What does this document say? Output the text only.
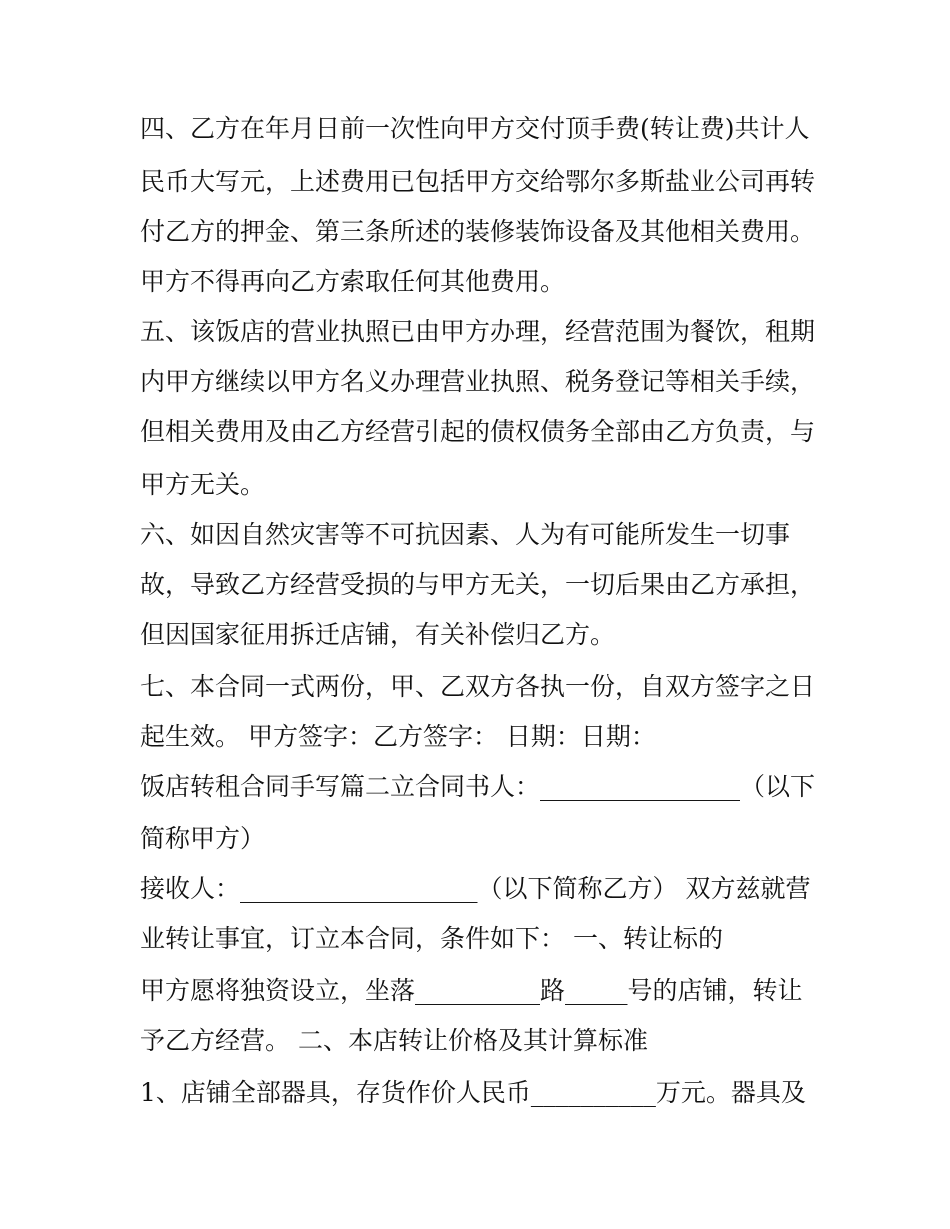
四、乙方在年月日前一次性向甲方交付顶手费(转让费)共计人
民币大写元，上述费用已包括甲方交给鄂尔多斯盐业公司再转
付乙方的押金、第三条所述的装修装饰设备及其他相关费用。
甲方不得再向乙方索取任何其他费用。
五、该饭店的营业执照已由甲方办理，经营范围为餐饮，租期
内甲方继续以甲方名义办理营业执照、税务登记等相关手续，
但相关费用及由乙方经营引起的债权债务全部由乙方负责，与
甲方无关。
六、如因自然灾害等不可抗因素、人为有可能所发生一切事
故，导致乙方经营受损的与甲方无关，一切后果由乙方承担，
但因国家征用拆迁店铺，有关补偿归乙方。
七、本合同一式两份，甲、乙双方各执一份，自双方签字之日
起生效。 甲方签字：乙方签字： 日期：日期：
饭店转租合同手写篇二立合同书人：________________（以下
简称甲方）
接收人：___________________（以下简称乙方） 双方兹就营
业转让事宜，订立本合同，条件如下： 一、转让标的
甲方愿将独资设立，坐落__________路_____号的店铺，转让
予乙方经营。 二、本店转让价格及其计算标准
1、店铺全部器具，存货作价人民币__________万元。器具及
